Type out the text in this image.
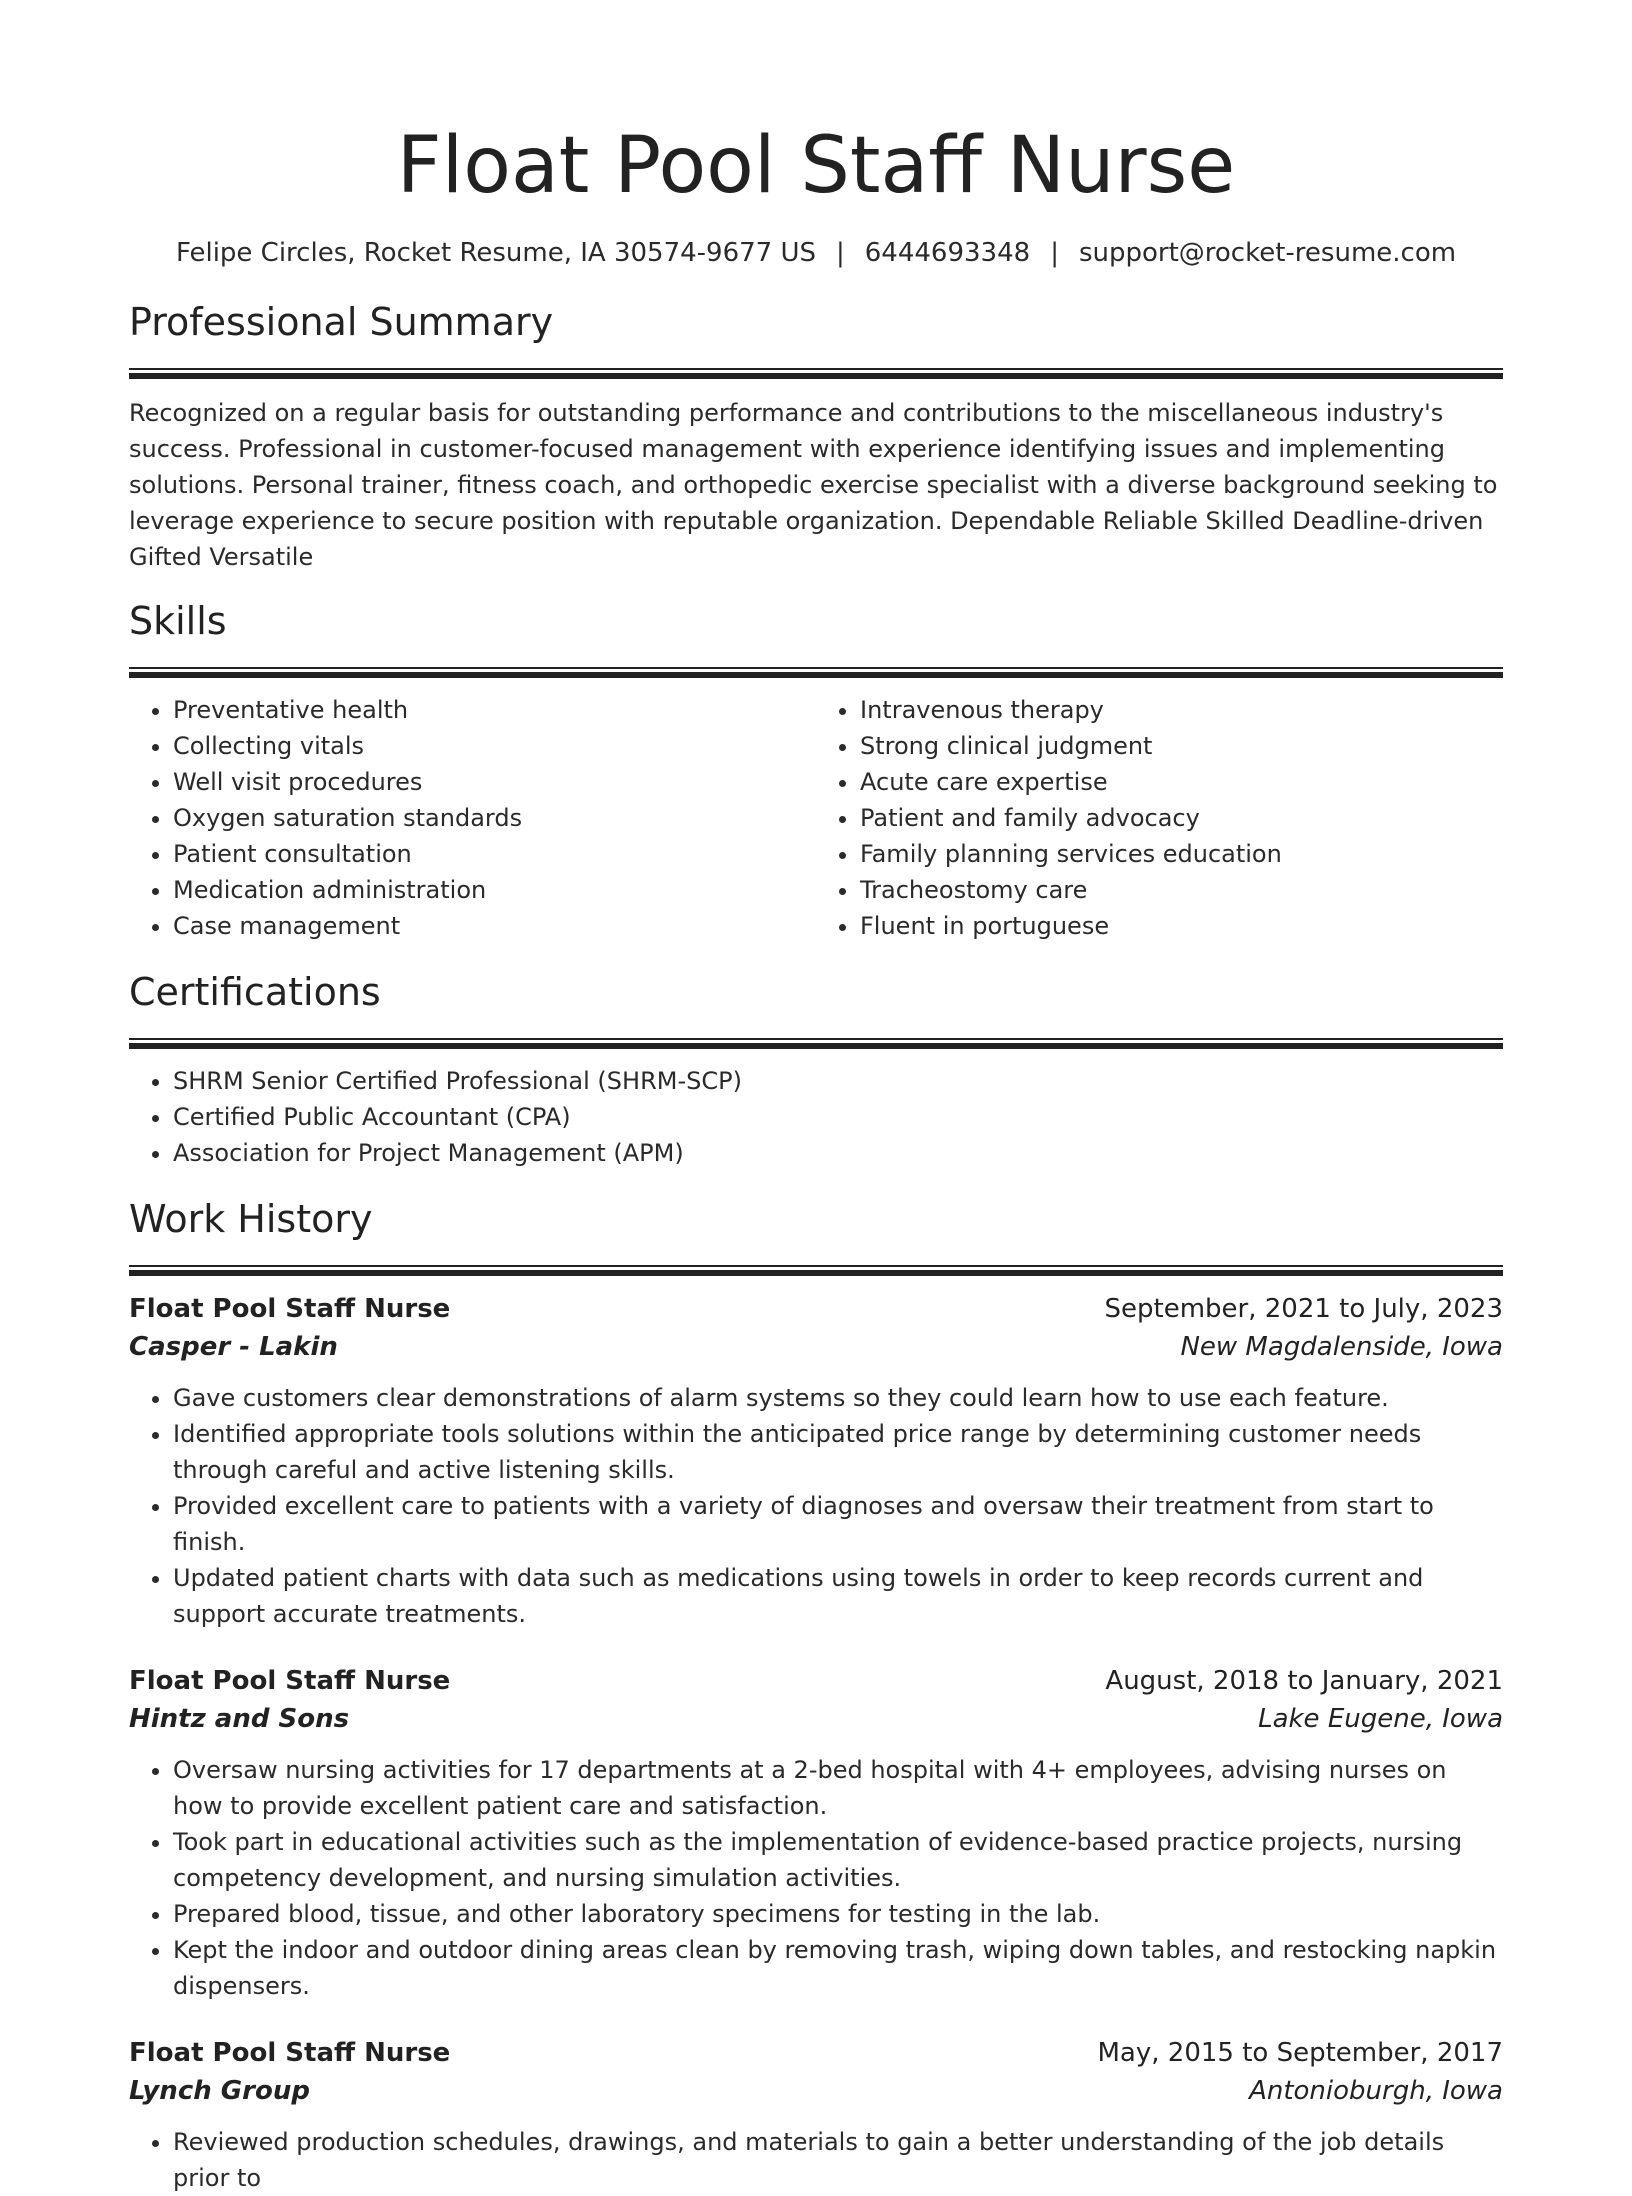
Float Pool Staff Nurse
Felipe Circles, Rocket Resume, IA 30574-9677 US | 6444693348 | support@rocket-resume.com
Professional Summary

Recognized on a regular basis for outstanding performance and contributions to the miscellaneous industry's success. Professional in customer-focused management with experience identifying issues and implementing solutions. Personal trainer, fitness coach, and orthopedic exercise specialist with a diverse background seeking to leverage experience to secure position with reputable organization. Dependable Reliable Skilled Deadline-driven Gifted Versatile

Skills
• Preventative health
• Collecting vitals
• Well visit procedures
• Oxygen saturation standards
• Patient consultation
• Medication administration
• Case management
• Intravenous therapy
• Strong clinical judgment
• Acute care expertise
• Patient and family advocacy
• Family planning services education
• Tracheostomy care
• Fluent in portuguese
Certifications
• SHRM Senior Certified Professional (SHRM-SCP)
• Certified Public Accountant (CPA)
• Association for Project Management (APM)
Work History
Float Pool Staff Nurse	September, 2021 to July, 2023
Casper - Lakin	New Magdalenside, Iowa
• Gave customers clear demonstrations of alarm systems so they could learn how to use each feature.
• Identified appropriate tools solutions within the anticipated price range by determining customer needs through careful and active listening skills.
• Provided excellent care to patients with a variety of diagnoses and oversaw their treatment from start to finish.
• Updated patient charts with data such as medications using towels in order to keep records current and support accurate treatments.
Float Pool Staff Nurse	August, 2018 to January, 2021
Hintz and Sons	Lake Eugene, Iowa
• Oversaw nursing activities for 17 departments at a 2-bed hospital with 4+ employees, advising nurses on how to provide excellent patient care and satisfaction.
• Took part in educational activities such as the implementation of evidence-based practice projects, nursing competency development, and nursing simulation activities.
• Prepared blood, tissue, and other laboratory specimens for testing in the lab.
• Kept the indoor and outdoor dining areas clean by removing trash, wiping down tables, and restocking napkin dispensers.
Float Pool Staff Nurse	May, 2015 to September, 2017
Lynch Group	Antonioburgh, Iowa
• Reviewed production schedules, drawings, and materials to gain a better understanding of the job details prior to
